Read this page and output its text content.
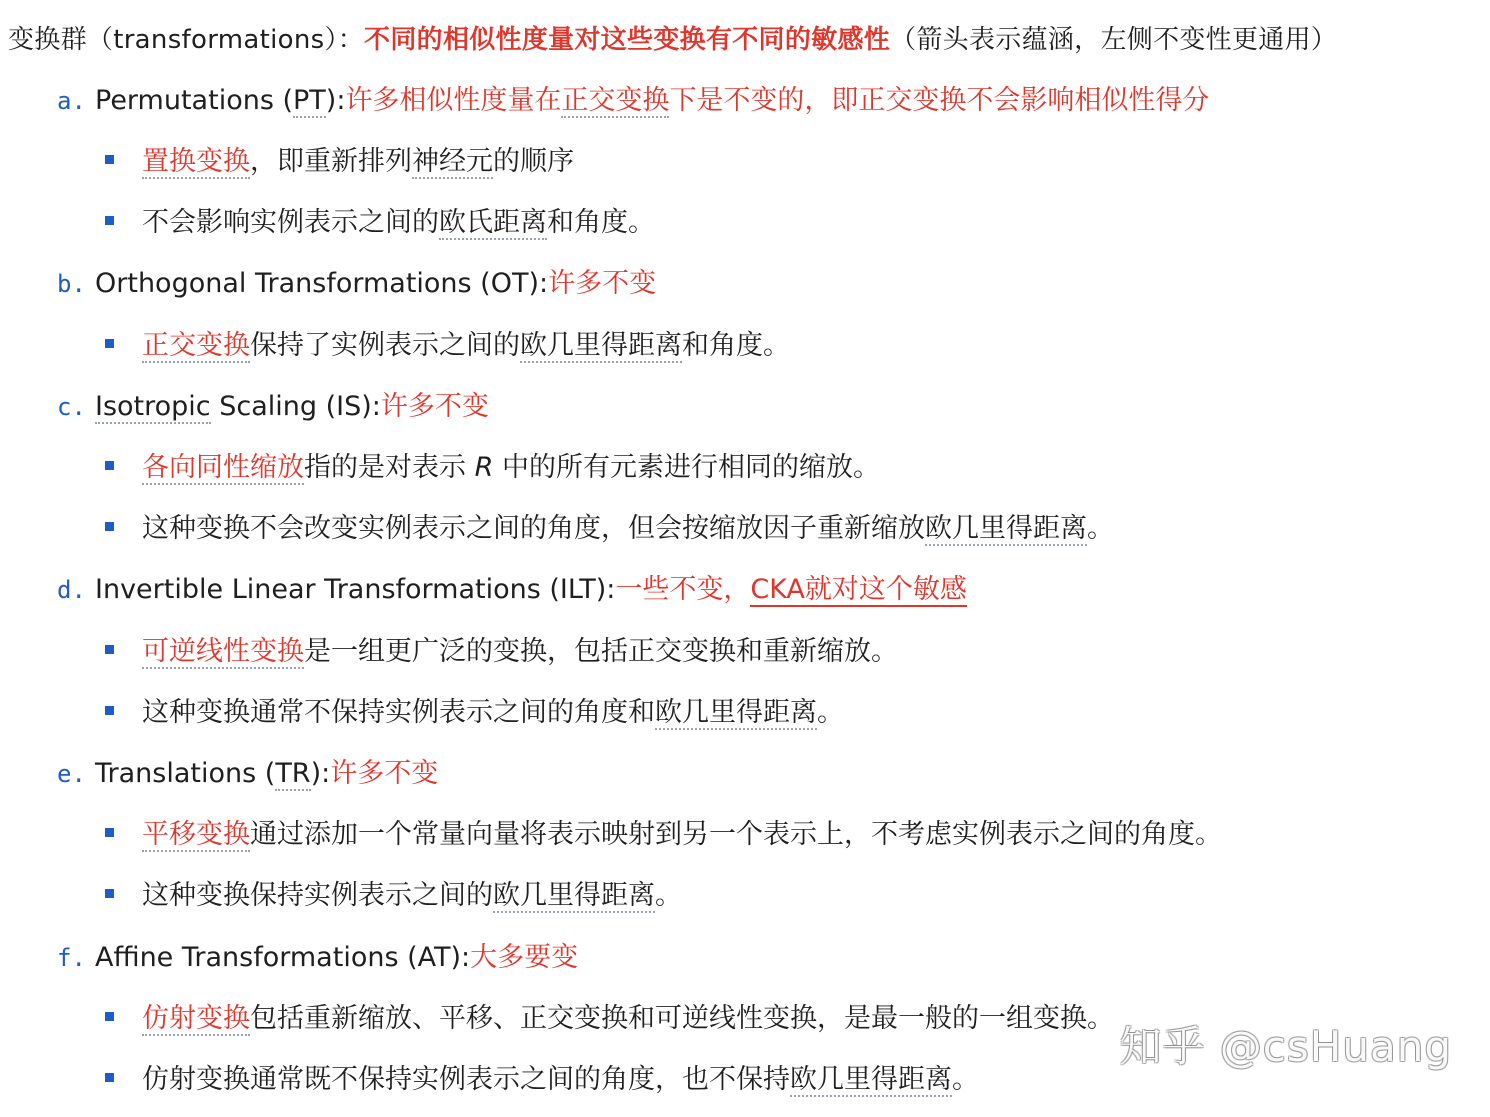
变换群（transformations）：不同的相似性度量对这些变换有不同的敏感性（箭头表示蕴涵，左侧不变性更通用）
a. Permutations (PT):许多相似性度量在正交变换下是不变的，即正交变换不会影响相似性得分
置换变换，即重新排列神经元的顺序
不会影响实例表示之间的欧氏距离和角度。
b. Orthogonal Transformations (OT):许多不变
正交变换保持了实例表示之间的欧几里得距离和角度。
c. Isotropic Scaling (IS):许多不变
各向同性缩放指的是对表示 R 中的所有元素进行相同的缩放。
这种变换不会改变实例表示之间的角度，但会按缩放因子重新缩放欧几里得距离。
d. Invertible Linear Transformations (ILT):一些不变，CKA就对这个敏感
可逆线性变换是一组更广泛的变换，包括正交变换和重新缩放。
这种变换通常不保持实例表示之间的角度和欧几里得距离。
e. Translations (TR):许多不变
平移变换通过添加一个常量向量将表示映射到另一个表示上，不考虑实例表示之间的角度。
这种变换保持实例表示之间的欧几里得距离。
f. Affine Transformations (AT):大多要变
仿射变换包括重新缩放、平移、正交变换和可逆线性变换，是最一般的一组变换。
仿射变换通常既不保持实例表示之间的角度，也不保持欧几里得距离。
知乎 @csHuang
